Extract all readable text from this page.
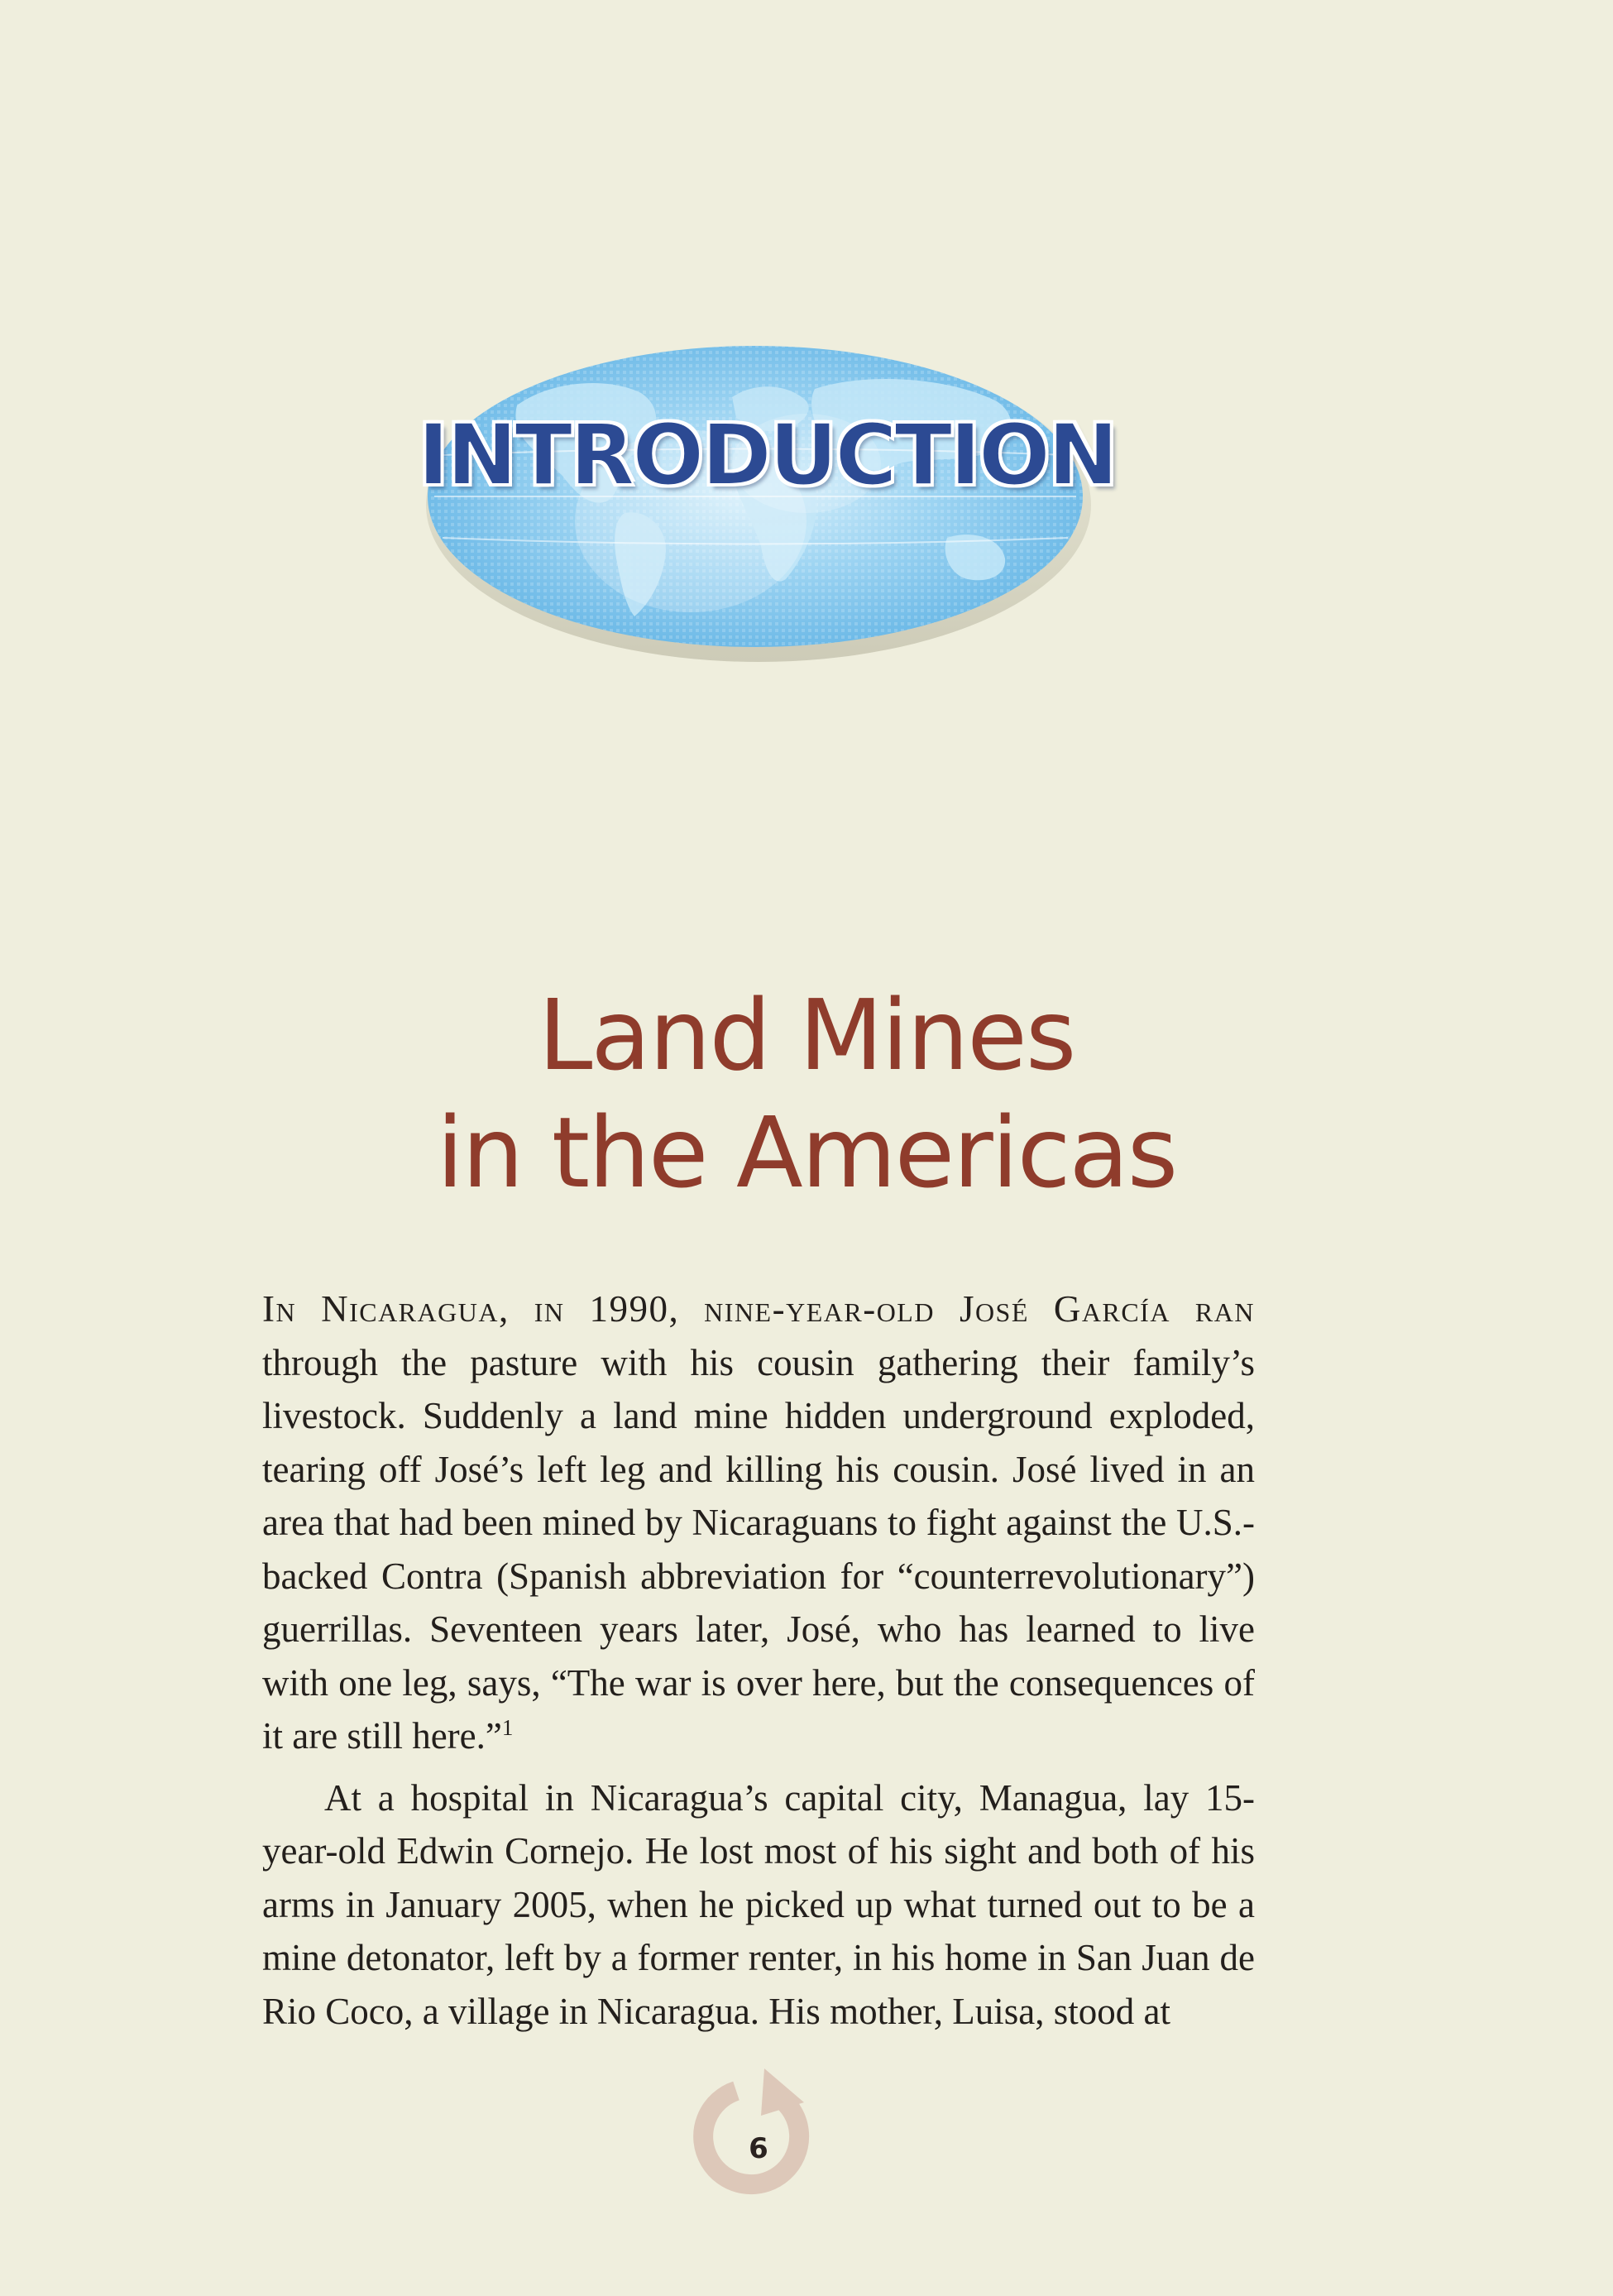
INTRODUCTION
Land Mines
in the Americas

In Nicaragua, in 1990, nine-year-old José García ran through the pasture with his cousin gathering their family’s livestock. Suddenly a land mine hidden underground exploded, tearing off José’s left leg and killing his cousin. José lived in an area that had been mined by Nicaraguans to fight against the U.S.-backed Contra (Spanish abbreviation for “counterrevolutionary”) guerrillas. Seventeen years later, José, who has learned to live with one leg, says, “The war is over here, but the consequences of it are still here.”$^1$

At a hospital in Nicaragua’s capital city, Managua, lay 15-year-old Edwin Cornejo. He lost most of his sight and both of his arms in January 2005, when he picked up what turned out to be a mine detonator, left by a former renter, in his home in San Juan de Rio Coco, a village in Nicaragua. His mother, Luisa, stood at

6
